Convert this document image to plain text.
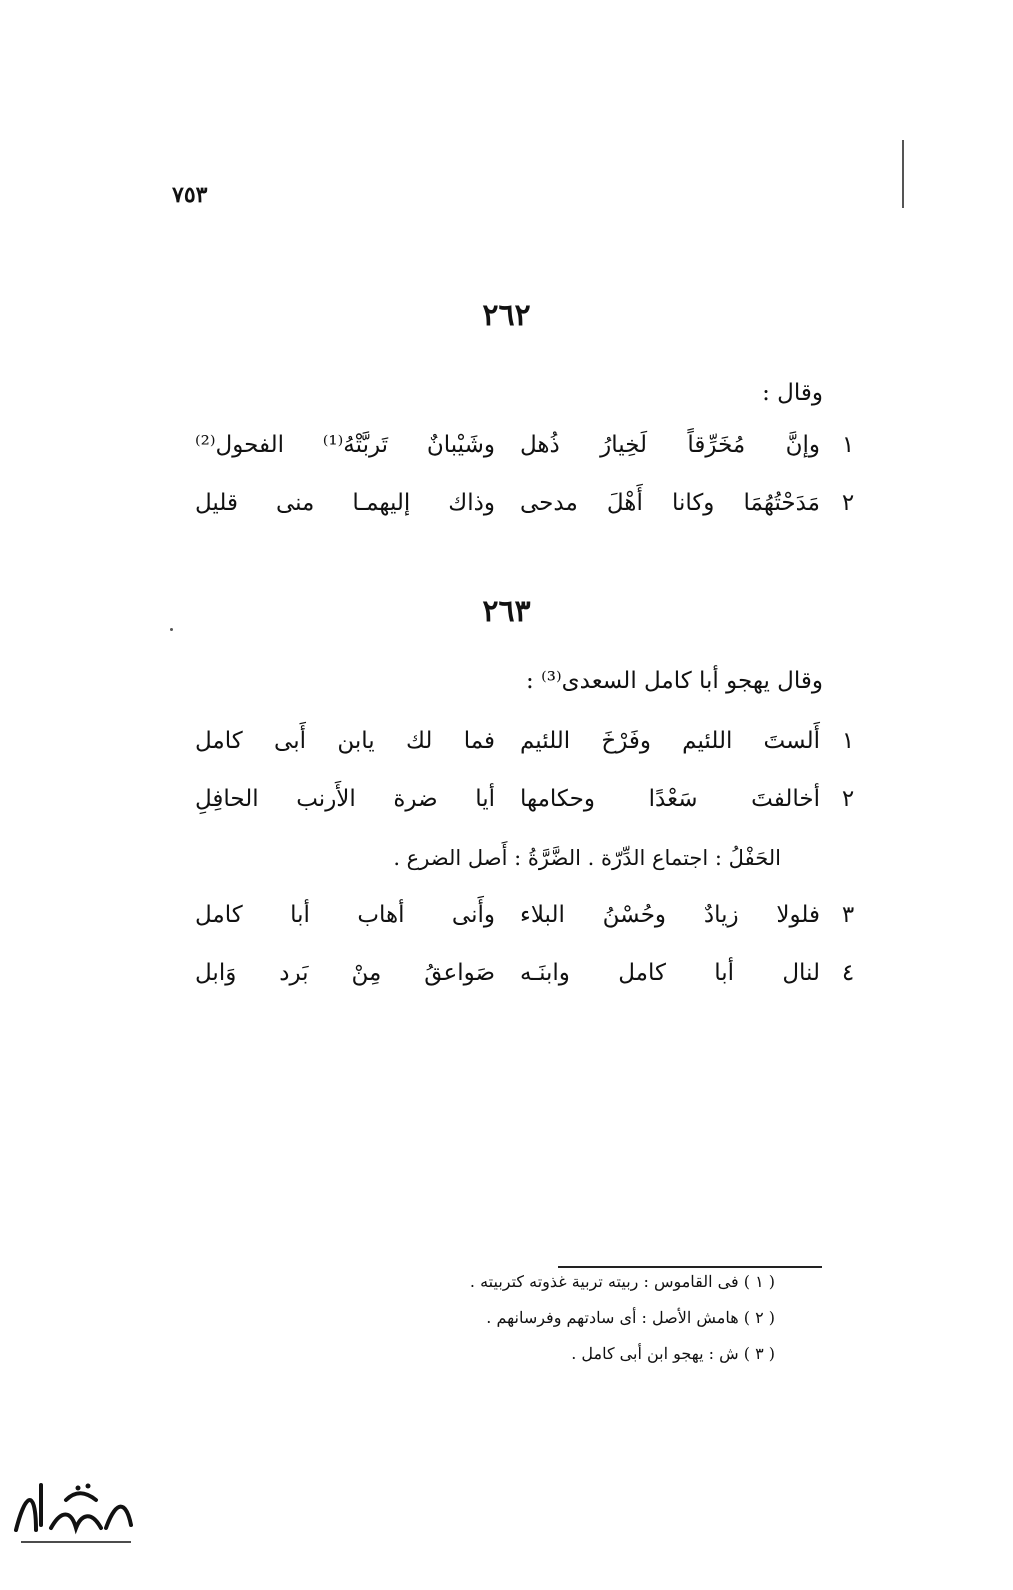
٧٥٣
٢٦٢
وقال :
١
وإنَّ مُخَرِّقاً لَخِيارُ ذُهل
وشَيْبانٌ تَربَّتْهُ⁽¹⁾ الفحول⁽²⁾
٢
مَدَحْتُهُمَا وكانا أَهْلَ مدحى
وذاك إليهمـا منى قليل
٢٦٣
وقال يهجو أبا كامل السعدى⁽³⁾ :
١
أَلستَ اللئيم وفَرْخَ اللئيم
فما لك يابن أَبى كامل
٢
أخالفتَ سَعْدًا وحكامها
أيا ضرة الأَرنب الحافِلِ
الحَفْلُ : اجتماع الدِّرّة . الضَّرَّةُ : أَصل الضرع .
٣
فلولا زيادٌ وحُسْنُ البلاء
وأَنى أهاب أبا كامل
٤
لنال أبا كامل وابنَـه
صَواعقُ مِنْ بَرد وَابل
( ١ ) فى القاموس : ربيته تربية غذوته كتربيته .
( ٢ ) هامش الأصل : أى سادتهم وفرسانهم .
( ٣ ) ش : يهجو ابن أبى كامل .
